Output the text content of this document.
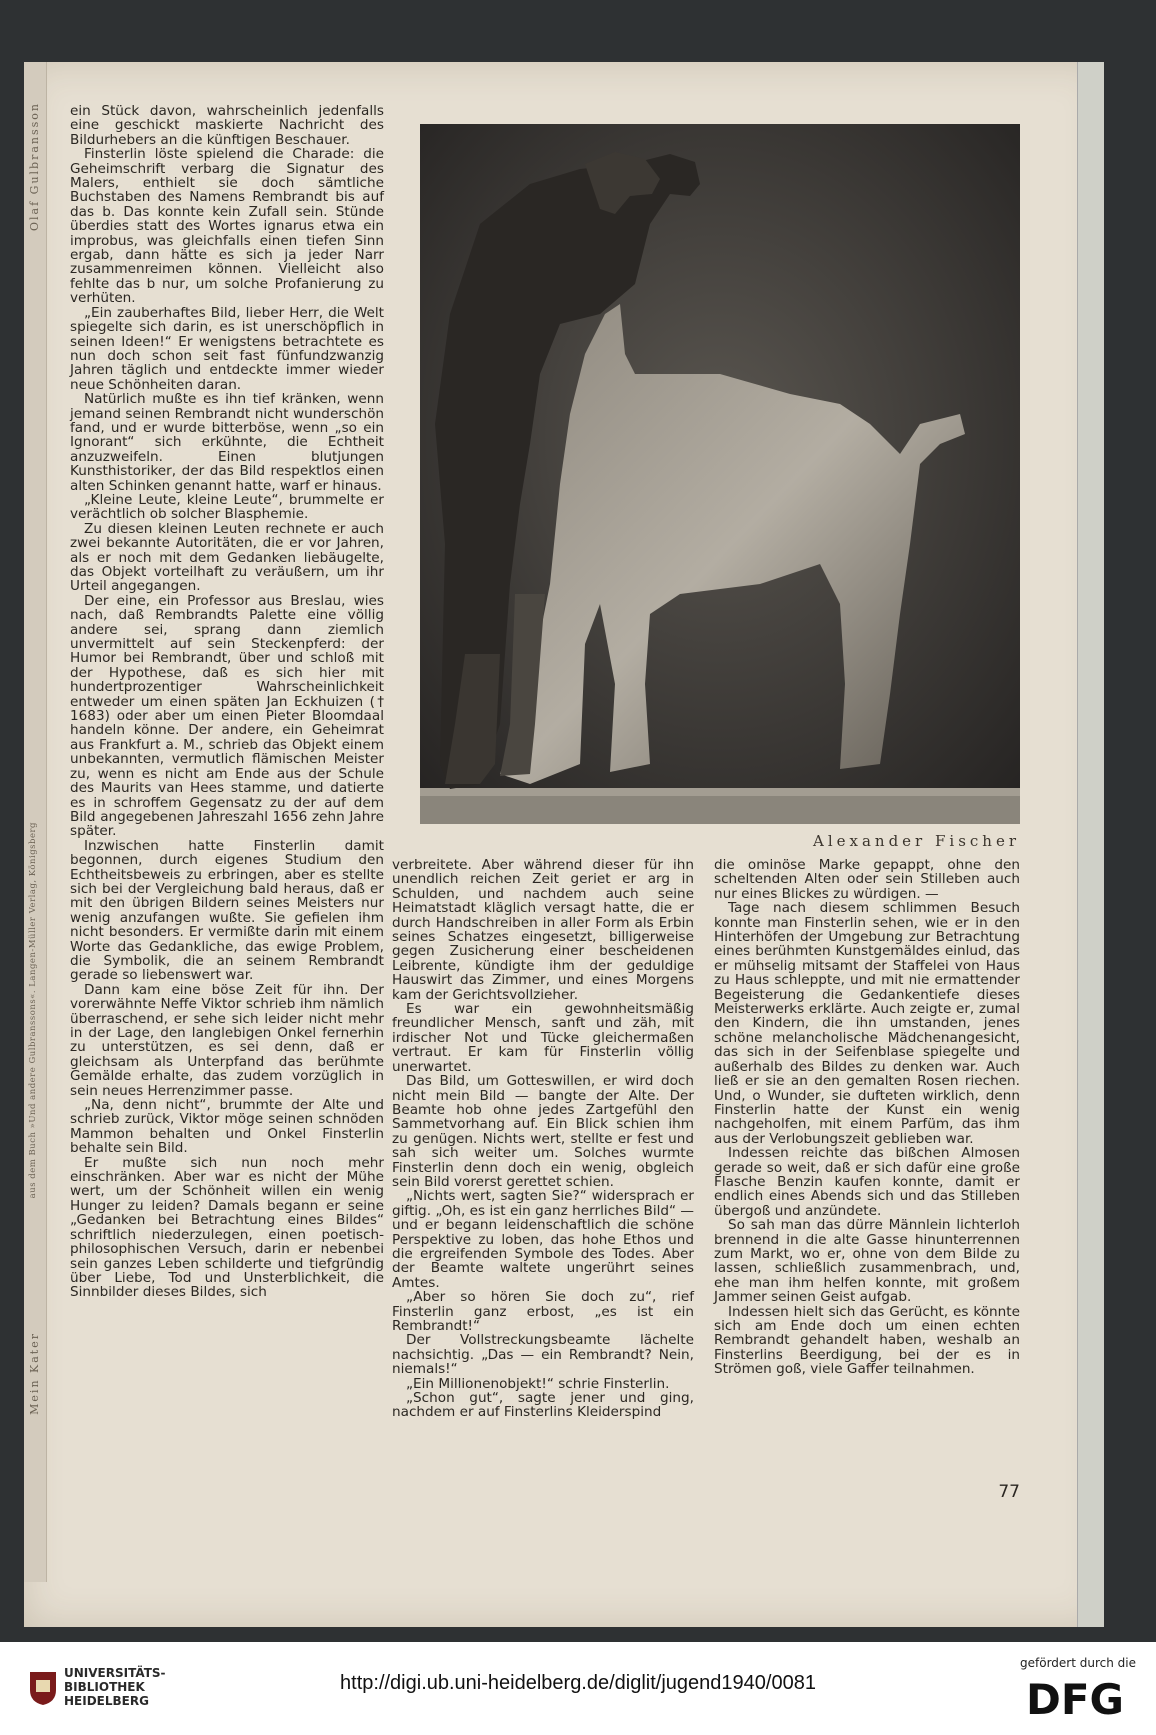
Olaf Gulbransson
aus dem Buch »Und andere Gulbranssons«. Langen-Müller Verlag, Königsberg
Mein Kater

ein Stück davon, wahrscheinlich jedenfalls eine geschickt maskierte Nachricht des Bildurhebers an die künftigen Beschauer.

Finsterlin löste spielend die Charade: die Geheimschrift verbarg die Signatur des Malers, enthielt sie doch sämtliche Buchstaben des Namens Rembrandt bis auf das b. Das konnte kein Zufall sein. Stünde überdies statt des Wortes ignarus etwa ein improbus, was gleichfalls einen tiefen Sinn ergab, dann hätte es sich ja jeder Narr zusammenreimen können. Vielleicht also fehlte das b nur, um solche Profanierung zu verhüten.

„Ein zauberhaftes Bild, lieber Herr, die Welt spiegelte sich darin, es ist unerschöpflich in seinen Ideen!“ Er wenigstens betrachtete es nun doch schon seit fast fünfundzwanzig Jahren täglich und entdeckte immer wieder neue Schönheiten daran.

Natürlich mußte es ihn tief kränken, wenn jemand seinen Rembrandt nicht wunderschön fand, und er wurde bitterböse, wenn „so ein Ignorant“ sich erkühnte, die Echtheit anzuzweifeln. Einen blutjungen Kunsthistoriker, der das Bild respektlos einen alten Schinken genannt hatte, warf er hinaus.

„Kleine Leute, kleine Leute“, brummelte er verächtlich ob solcher Blasphemie.

Zu diesen kleinen Leuten rechnete er auch zwei bekannte Autoritäten, die er vor Jahren, als er noch mit dem Gedanken liebäugelte, das Objekt vorteilhaft zu veräußern, um ihr Urteil angegangen.

Der eine, ein Professor aus Breslau, wies nach, daß Rembrandts Palette eine völlig andere sei, sprang dann ziemlich unvermittelt auf sein Steckenpferd: der Humor bei Rembrandt, über und schloß mit der Hypothese, daß es sich hier mit hundertprozentiger Wahrscheinlichkeit entweder um einen späten Jan Eckhuizen († 1683) oder aber um einen Pieter Bloomdaal handeln könne. Der andere, ein Geheimrat aus Frankfurt a. M., schrieb das Objekt einem unbekannten, vermutlich flämischen Meister zu, wenn es nicht am Ende aus der Schule des Maurits van Hees stamme, und datierte es in schroffem Gegensatz zu der auf dem Bild angegebenen Jahreszahl 1656 zehn Jahre später.

Inzwischen hatte Finsterlin damit begonnen, durch eigenes Studium den Echtheitsbeweis zu erbringen, aber es stellte sich bei der Vergleichung bald heraus, daß er mit den übrigen Bildern seines Meisters nur wenig anzufangen wußte. Sie gefielen ihm nicht besonders. Er vermißte darin mit einem Worte das Gedankliche, das ewige Problem, die Symbolik, die an seinem Rembrandt gerade so liebenswert war.

Dann kam eine böse Zeit für ihn. Der vorerwähnte Neffe Viktor schrieb ihm nämlich überraschend, er sehe sich leider nicht mehr in der Lage, den langlebigen Onkel fernerhin zu unterstützen, es sei denn, daß er gleichsam als Unterpfand das berühmte Gemälde erhalte, das zudem vorzüglich in sein neues Herrenzimmer passe.

„Na, denn nicht“, brummte der Alte und schrieb zurück, Viktor möge seinen schnöden Mammon behalten und Onkel Finsterlin behalte sein Bild.

Er mußte sich nun noch mehr einschränken. Aber war es nicht der Mühe wert, um der Schönheit willen ein wenig Hunger zu leiden? Damals begann er seine „Gedanken bei Betrachtung eines Bildes“ schriftlich niederzulegen, einen poetisch-philosophischen Versuch, darin er nebenbei sein ganzes Leben schilderte und tiefgründig über Liebe, Tod und Unsterblichkeit, die Sinnbilder dieses Bildes, sich

Alexander Fischer

verbreitete. Aber während dieser für ihn unendlich reichen Zeit geriet er arg in Schulden, und nachdem auch seine Heimatstadt kläglich versagt hatte, die er durch Handschreiben in aller Form als Erbin seines Schatzes eingesetzt, billigerweise gegen Zusicherung einer bescheidenen Leibrente, kündigte ihm der geduldige Hauswirt das Zimmer, und eines Morgens kam der Gerichtsvollzieher.

Es war ein gewohnheitsmäßig freundlicher Mensch, sanft und zäh, mit irdischer Not und Tücke gleichermaßen vertraut. Er kam für Finsterlin völlig unerwartet.

Das Bild, um Gotteswillen, er wird doch nicht mein Bild — bangte der Alte. Der Beamte hob ohne jedes Zartgefühl den Sammetvorhang auf. Ein Blick schien ihm zu genügen. Nichts wert, stellte er fest und sah sich weiter um. Solches wurmte Finsterlin denn doch ein wenig, obgleich sein Bild vorerst gerettet schien.

„Nichts wert, sagten Sie?“ widersprach er giftig. „Oh, es ist ein ganz herrliches Bild“ — und er begann leidenschaftlich die schöne Perspektive zu loben, das hohe Ethos und die ergreifenden Symbole des Todes. Aber der Beamte waltete ungerührt seines Amtes.

„Aber so hören Sie doch zu“, rief Finsterlin ganz erbost, „es ist ein Rembrandt!“

Der Vollstreckungsbeamte lächelte nachsichtig. „Das — ein Rembrandt? Nein, niemals!“

„Ein Millionenobjekt!“ schrie Finsterlin.

„Schon gut“, sagte jener und ging, nachdem er auf Finsterlins Kleiderspind

die ominöse Marke gepappt, ohne den scheltenden Alten oder sein Stilleben auch nur eines Blickes zu würdigen. —

Tage nach diesem schlimmen Besuch konnte man Finsterlin sehen, wie er in den Hinterhöfen der Umgebung zur Betrachtung eines berühmten Kunstgemäldes einlud, das er mühselig mitsamt der Staffelei von Haus zu Haus schleppte, und mit nie ermattender Begeisterung die Gedankentiefe dieses Meisterwerks erklärte. Auch zeigte er, zumal den Kindern, die ihn umstanden, jenes schöne melancholische Mädchenangesicht, das sich in der Seifenblase spiegelte und außerhalb des Bildes zu denken war. Auch ließ er sie an den gemalten Rosen riechen. Und, o Wunder, sie dufteten wirklich, denn Finsterlin hatte der Kunst ein wenig nachgeholfen, mit einem Parfüm, das ihm aus der Verlobungszeit geblieben war.

Indessen reichte das bißchen Almosen gerade so weit, daß er sich dafür eine große Flasche Benzin kaufen konnte, damit er endlich eines Abends sich und das Stilleben übergoß und anzündete.

So sah man das dürre Männlein lichterloh brennend in die alte Gasse hinunterrennen zum Markt, wo er, ohne von dem Bilde zu lassen, schließlich zusammenbrach, und, ehe man ihm helfen konnte, mit großem Jammer seinen Geist aufgab.

Indessen hielt sich das Gerücht, es könnte sich am Ende doch um einen echten Rembrandt gehandelt haben, weshalb an Finsterlins Beerdigung, bei der es in Strömen goß, viele Gaffer teilnahmen.

77
UNIVERSITÄTS-
BIBLIOTHEK
HEIDELBERG
http://digi.ub.uni-heidelberg.de/diglit/jugend1940/0081
gefördert durch die
DFG
